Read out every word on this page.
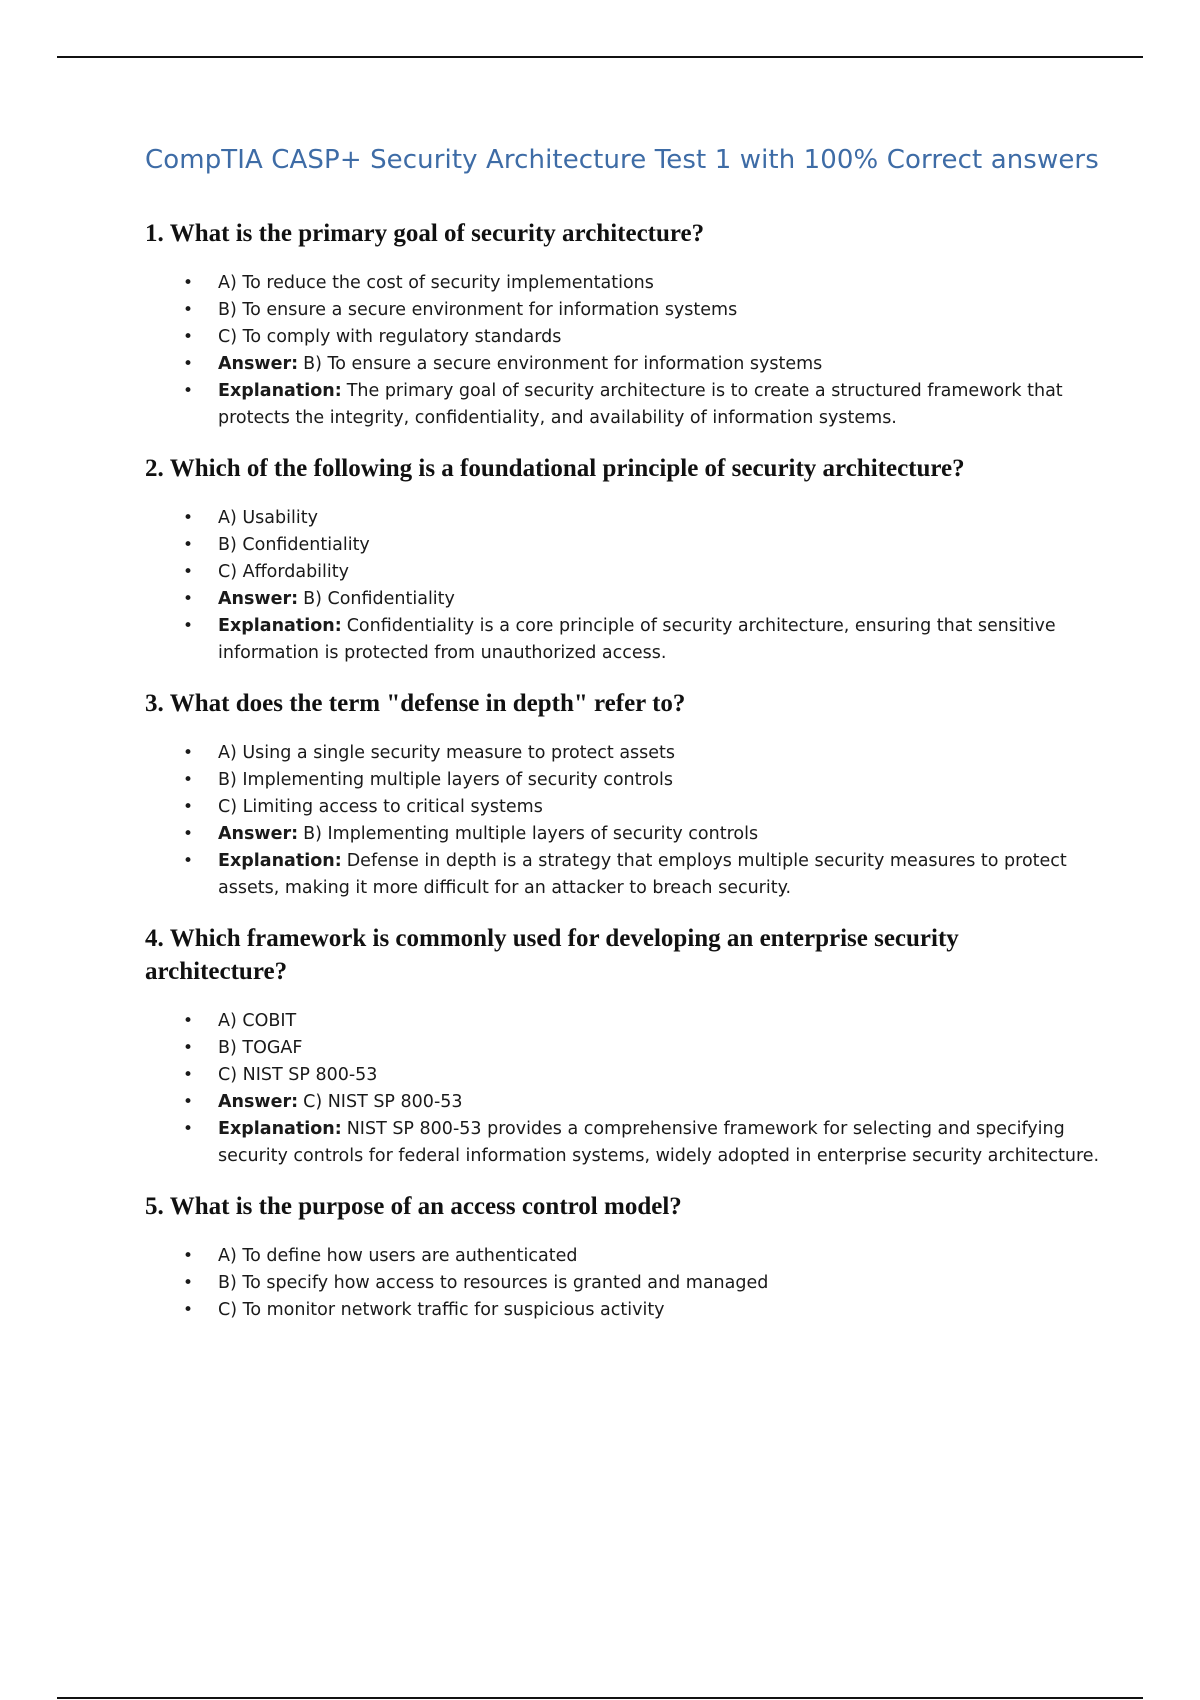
CompTIA CASP+ Security Architecture Test 1 with 100% Correct answers
1. What is the primary goal of security architecture?
• A) To reduce the cost of security implementations
• B) To ensure a secure environment for information systems
• C) To comply with regulatory standards
• Answer: B) To ensure a secure environment for information systems
• Explanation: The primary goal of security architecture is to create a structured framework that protects the integrity, confidentiality, and availability of information systems.
2. Which of the following is a foundational principle of security architecture?
• A) Usability
• B) Confidentiality
• C) Affordability
• Answer: B) Confidentiality
• Explanation: Confidentiality is a core principle of security architecture, ensuring that sensitive information is protected from unauthorized access.
3. What does the term "defense in depth" refer to?
• A) Using a single security measure to protect assets
• B) Implementing multiple layers of security controls
• C) Limiting access to critical systems
• Answer: B) Implementing multiple layers of security controls
• Explanation: Defense in depth is a strategy that employs multiple security measures to protect assets, making it more difficult for an attacker to breach security.
4. Which framework is commonly used for developing an enterprise security architecture?
• A) COBIT
• B) TOGAF
• C) NIST SP 800-53
• Answer: C) NIST SP 800-53
• Explanation: NIST SP 800-53 provides a comprehensive framework for selecting and specifying security controls for federal information systems, widely adopted in enterprise security architecture.
5. What is the purpose of an access control model?
• A) To define how users are authenticated
• B) To specify how access to resources is granted and managed
• C) To monitor network traffic for suspicious activity
